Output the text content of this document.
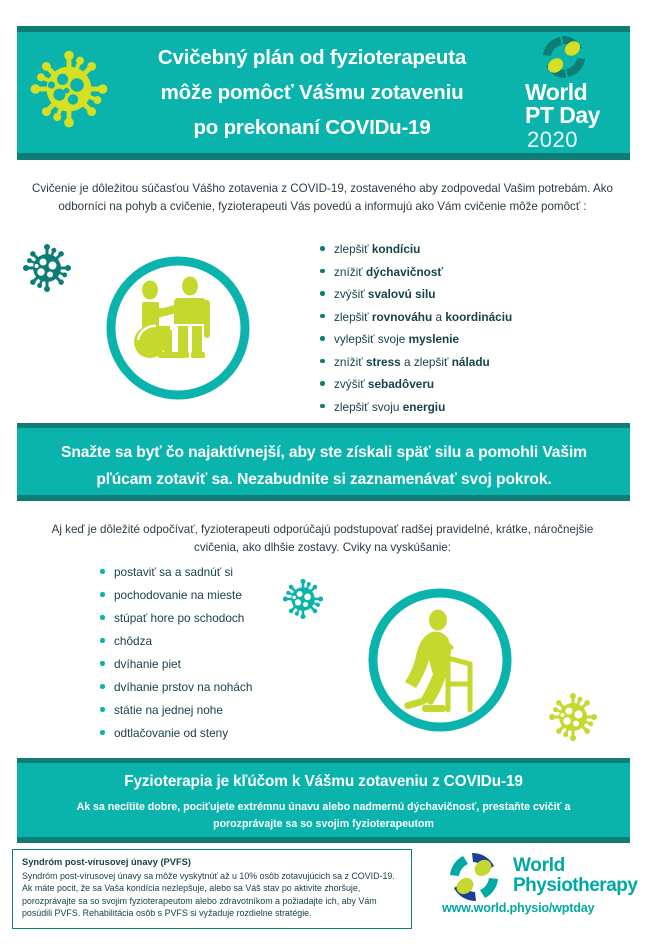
Cvičebný plán od fyzioterapeuta
môže pomôcť Vášmu zotaveniu
po prekonaní COVIDu-19
World
PT Day
2020
Cvičenie je dôležitou súčasťou Vášho zotavenia z COVID-19, zostaveného aby zodpovedal Vašim potrebám. Ako odborníci na pohyb a cvičenie, fyzioterapeuti Vás povedú a informujú ako Vám cvičenie môže pomôcť :
zlepšiť kondíciu
znížiť dýchavičnosť
zvýšiť svalovú silu
zlepšiť rovnováhu a koordináciu
vylepšiť svoje myslenie
znížiť stress a zlepšiť náladu
zvýšiť sebadôveru
zlepšiť svoju energiu
Snažte sa byť čo najaktívnejší, aby ste získali späť silu a pomohli Vašim pľúcam zotaviť sa. Nezabudnite si zaznamenávať svoj pokrok.
Aj keď je dôležité odpočívať, fyzioterapeuti odporúčajú podstupovať radšej pravidelné, krátke, náročnejšie cvičenia, ako dlhšie zostavy. Cviky na vyskúšanie:
postaviť sa a sadnúť si
pochodovanie na mieste
stúpať hore po schodoch
chôdza
dvíhanie piet
dvíhanie prstov na nohách
státie na jednej nohe
odtlačovanie od steny
Fyzioterapia je kľúčom k Vášmu zotaveniu z COVIDu-19
Ak sa necítite dobre, pociťujete extrémnu únavu alebo nadmernú dýchavičnosť, prestaňte cvičiť a porozprávajte sa so svojim fyzioterapeutom
Syndróm post-vírusovej únavy (PVFS)
Syndróm post-vírusovej únavy sa môže vyskytnúť až u 10% osôb zotavujúcich sa z COVID-19. Ak máte pocit, že sa Vaša kondícia nezlepšuje, alebo sa Váš stav po aktivite zhoršuje, porozprávajte sa so svojim fyzioterapeutom alebo zdravotníkom a požiadajte ich, aby Vám posúdili PVFS. Rehabilitácia osôb s PVFS si vyžaduje rozdielne stratégie.
World
Physiotherapy
www.world.physio/wptday
